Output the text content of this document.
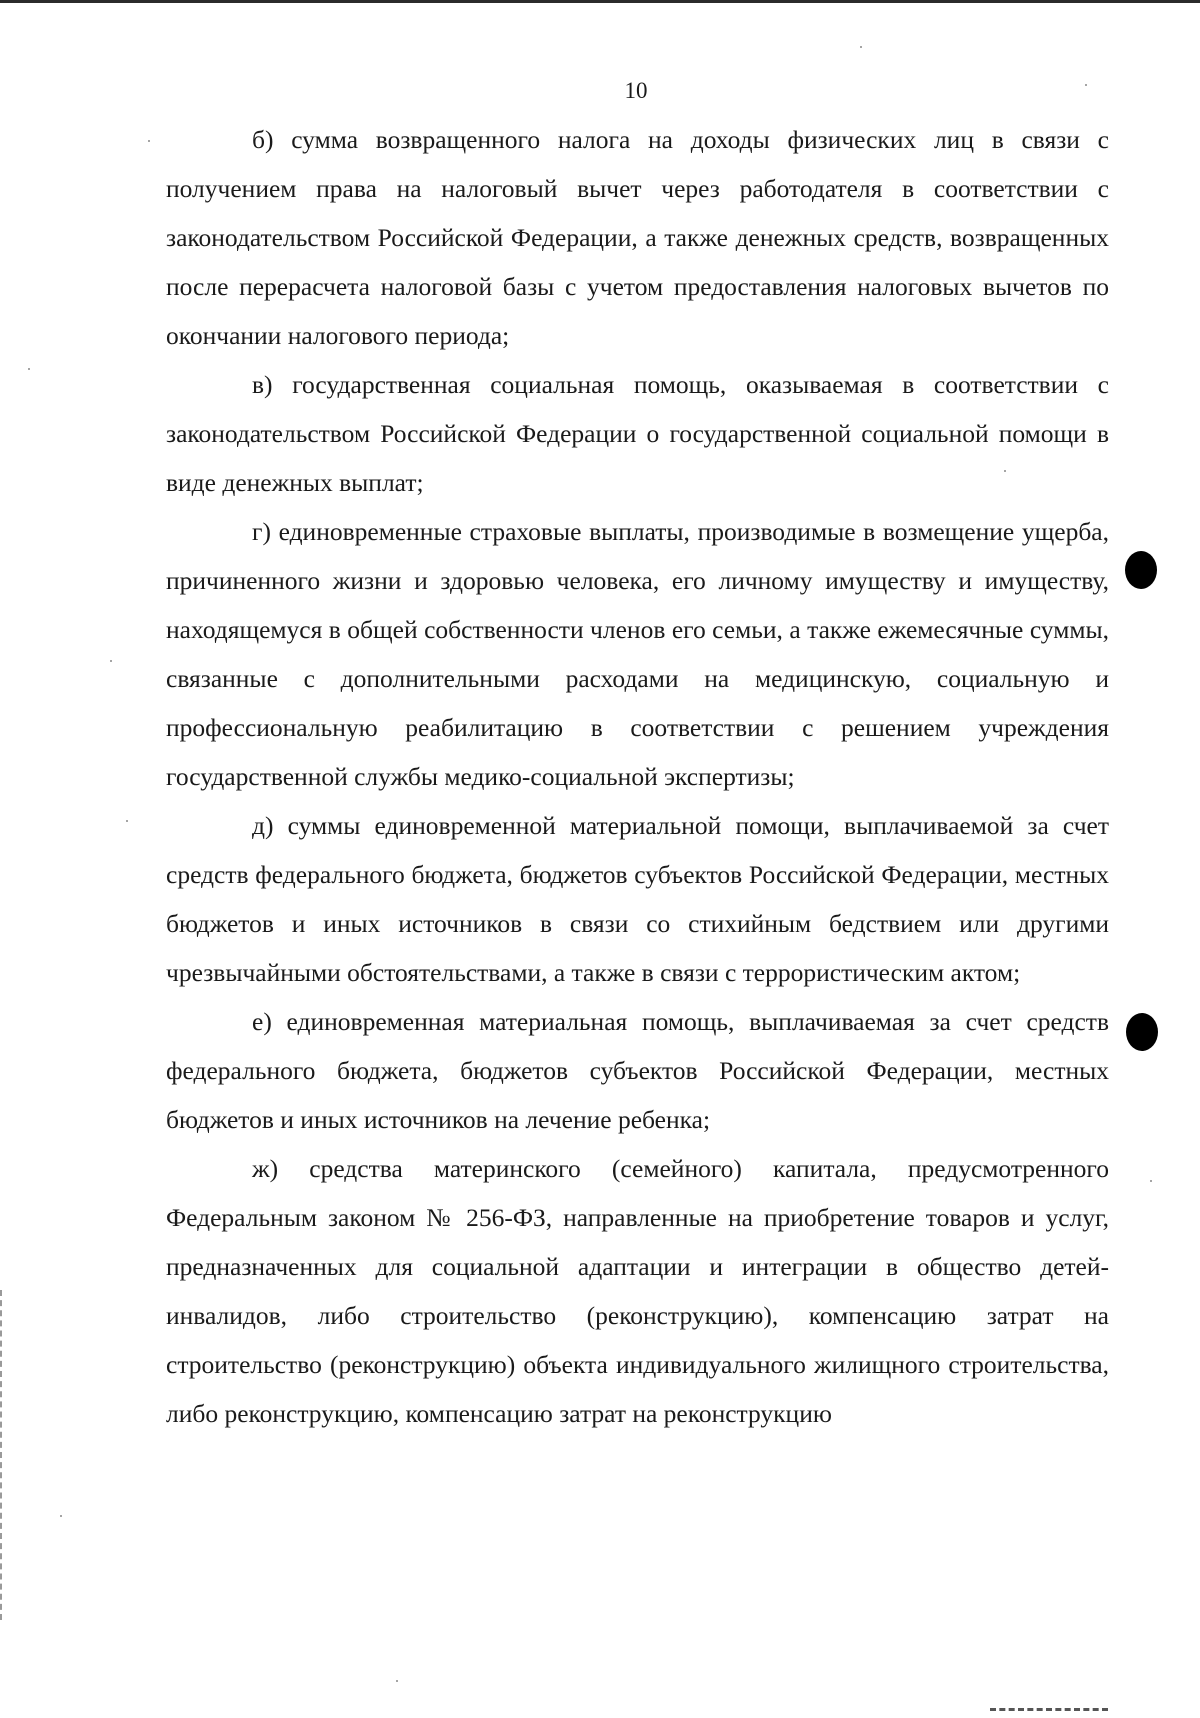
10

б) сумма возвращенного налога на доходы физических лиц в связи с получением права на налоговый вычет через работодателя в соответствии с законодательством Российской Федерации, а также денежных средств, возвращенных после перерасчета налоговой базы с учетом предоставления налоговых вычетов по окончании налогового периода;

в) государственная социальная помощь, оказываемая в соответствии с законодательством Российской Федерации о государственной социальной помощи в виде денежных выплат;

г) единовременные страховые выплаты, производимые в возмещение ущерба, причиненного жизни и здоровью человека, его личному имуществу и имуществу, находящемуся в общей собственности членов его семьи, а также ежемесячные суммы, связанные с дополнительными расходами на медицинскую, социальную и профессиональную реабилитацию в соответствии с решением учреждения государственной службы медико-социальной экспертизы;

д) суммы единовременной материальной помощи, выплачиваемой за счет средств федерального бюджета, бюджетов субъектов Российской Федерации, местных бюджетов и иных источников в связи со стихийным бедствием или другими чрезвычайными обстоятельствами, а также в связи с террористическим актом;

е) единовременная материальная помощь, выплачиваемая за счет средств федерального бюджета, бюджетов субъектов Российской Федерации, местных бюджетов и иных источников на лечение ребенка;

ж) средства материнского (семейного) капитала, предусмотренного Федеральным законом № 256-ФЗ, направленные на приобретение товаров и услуг, предназначенных для социальной адаптации и интеграции в общество детей-инвалидов, либо строительство (реконструкцию), компенсацию затрат на строительство (реконструкцию) объекта индивидуального жилищного строительства, либо реконструкцию, компенсацию затрат на реконструкцию
